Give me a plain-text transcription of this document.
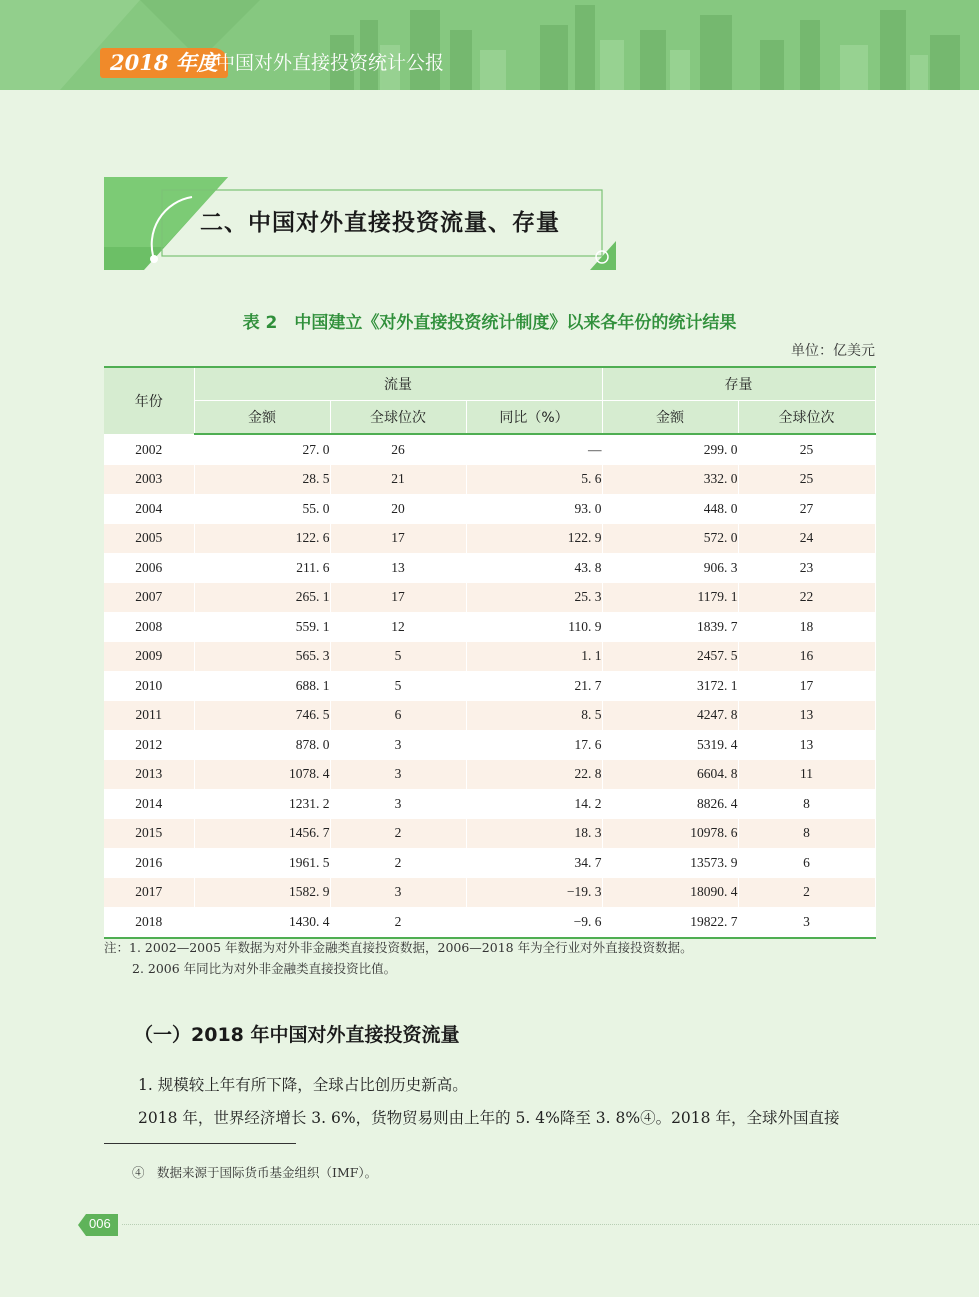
2018 年度
中国对外直接投资统计公报
二、中国对外直接投资流量、存量
表 2　中国建立《对外直接投资统计制度》以来各年份的统计结果
单位：亿美元
年份	流量			存量	
	金额	全球位次	同比（%）	金额	全球位次
2002	27. 0	26	—	299. 0	25
2003	28. 5	21	5. 6	332. 0	25
2004	55. 0	20	93. 0	448. 0	27
2005	122. 6	17	122. 9	572. 0	24
2006	211. 6	13	43. 8	906. 3	23
2007	265. 1	17	25. 3	1179. 1	22
2008	559. 1	12	110. 9	1839. 7	18
2009	565. 3	5	1. 1	2457. 5	16
2010	688. 1	5	21. 7	3172. 1	17
2011	746. 5	6	8. 5	4247. 8	13
2012	878. 0	3	17. 6	5319. 4	13
2013	1078. 4	3	22. 8	6604. 8	11
2014	1231. 2	3	14. 2	8826. 4	8
2015	1456. 7	2	18. 3	10978. 6	8
2016	1961. 5	2	34. 7	13573. 9	6
2017	1582. 9	3	−19. 3	18090. 4	2
2018	1430. 4	2	−9. 6	19822. 7	3
注：1. 2002—2005 年数据为对外非金融类直接投资数据，2006—2018 年为全行业对外直接投资数据。
2. 2006 年同比为对外非金融类直接投资比值。
（一）2018 年中国对外直接投资流量
1. 规模较上年有所下降，全球占比创历史新高。
2018 年，世界经济增长 3. 6%，货物贸易则由上年的 5. 4%降至 3. 8%④。2018 年，全球外国直接
④　数据来源于国际货币基金组织（IMF）。
006
